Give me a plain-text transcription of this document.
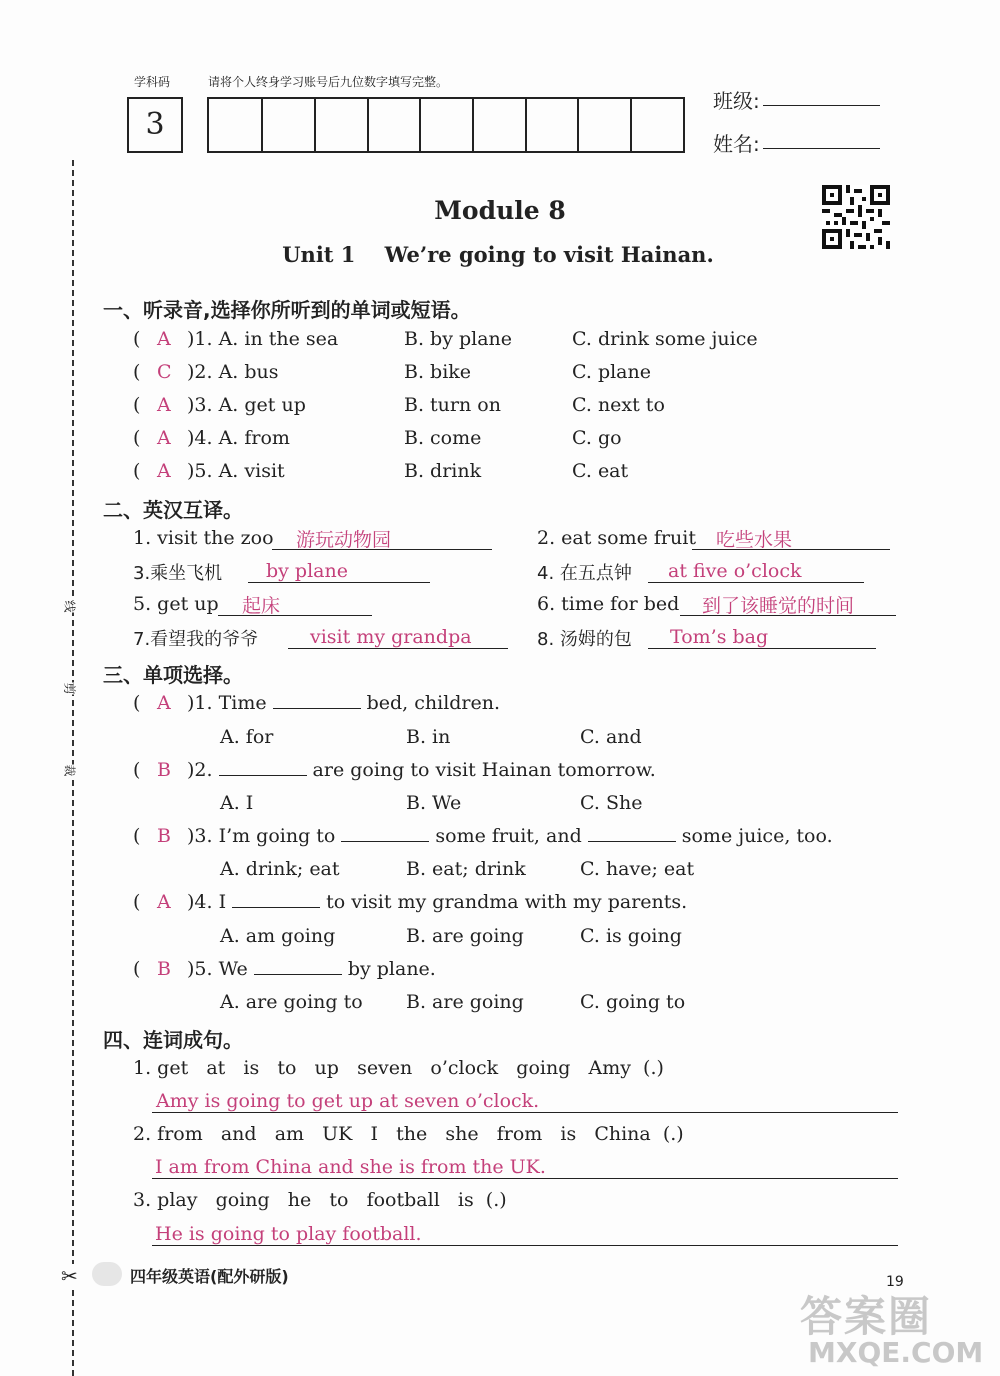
学科码	请将个人终身学习账号后九位数字填写完整。
3
班级:
姓名:
Module 8
Unit 1    We’re going to visit Hainan.
线
剪
裁
✂
一、听录音,选择你所听到的单词或短语。
( A )1. A. in the sea	B. by plane	C. drink some juice
( C )2. A. bus	B. bike	C. plane
( A )3. A. get up	B. turn on	C. next to
( A )4. A. from	B. come	C. go
( A )5. A. visit	B. drink	C. eat
二、英汉互译。
1. visit the zoo 游玩动物园	2. eat some fruit 吃些水果
3.乘坐飞机 by plane	4. 在五点钟 at five o’clock
5. get up 起床	6. time for bed 到了该睡觉的时间
7.看望我的爷爷	visit my grandpa	8. 汤姆的包 Tom’s bag
三、单项选择。
( A )1. Time	bed, children.
A. for	B. in	C. and
( B )2.	are going to visit Hainan tomorrow.
A. I	B. We	C. She
( B )3. I’m going to	some fruit, and	some juice, too.
A. drink; eat	B. eat; drink	C. have; eat
( A )4. I	to visit my grandma with my parents.
A. am going	B. are going	C. is going
( B )5. We	by plane.
A. are going to B. are going	C. going to
四、连词成句。
1. get   at   is   to   up   seven   o’clock   going   Amy  (.)
Amy is going to get up at seven o’clock.
2. from   and   am   UK   I   the   she   from   is   China  (.)
I am from China and she is from the UK.
3. play   going   he   to   football   is  (.)
He is going to play football.
四年级英语(配外研版)	19
答案圈
MXQE.COM
